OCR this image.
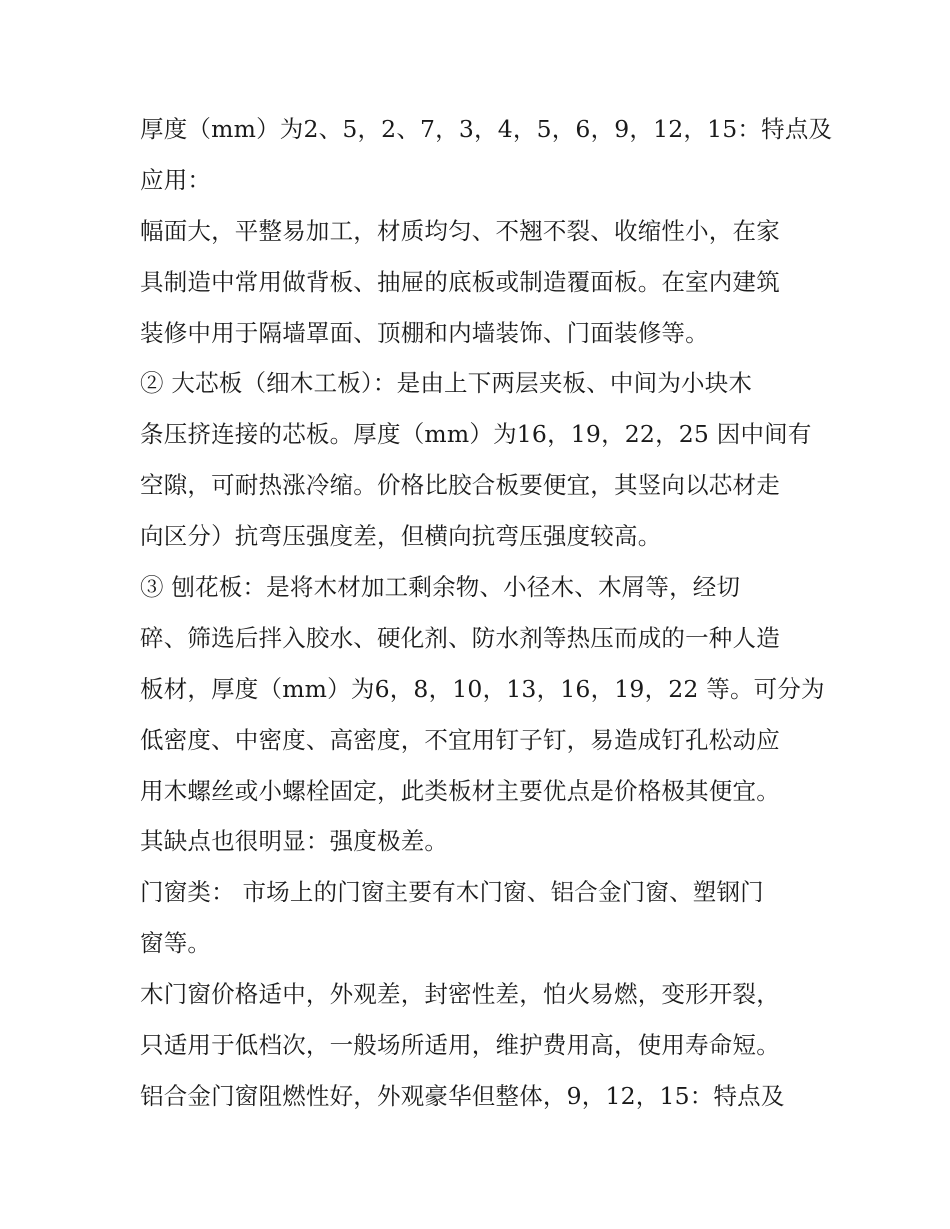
厚度（mm）为2、5，2、7，3，4，5，6，9，12，15：特点及
应用：
幅面大，平整易加工，材质均匀、不翘不裂、收缩性小，在家
具制造中常用做背板、抽屉的底板或制造覆面板。在室内建筑
装修中用于隔墙罩面、顶棚和内墙装饰、门面装修等。
② 大芯板（细木工板）：是由上下两层夹板、中间为小块木
条压挤连接的芯板。厚度（mm）为16，19，22，25 因中间有
空隙，可耐热涨冷缩。价格比胶合板要便宜，其竖向以芯材走
向区分）抗弯压强度差，但横向抗弯压强度较高。
③ 刨花板：是将木材加工剩余物、小径木、木屑等，经切
碎、筛选后拌入胶水、硬化剂、防水剂等热压而成的一种人造
板材，厚度（mm）为6，8，10，13，16，19，22 等。可分为
低密度、中密度、高密度，不宜用钉子钉，易造成钉孔松动应
用木螺丝或小螺栓固定，此类板材主要优点是价格极其便宜。
其缺点也很明显：强度极差。
门窗类： 市场上的门窗主要有木门窗、铝合金门窗、塑钢门
窗等。
木门窗价格适中，外观差，封密性差，怕火易燃，变形开裂，
只适用于低档次，一般场所适用，维护费用高，使用寿命短。
铝合金门窗阻燃性好，外观豪华但整体，9，12，15：特点及
